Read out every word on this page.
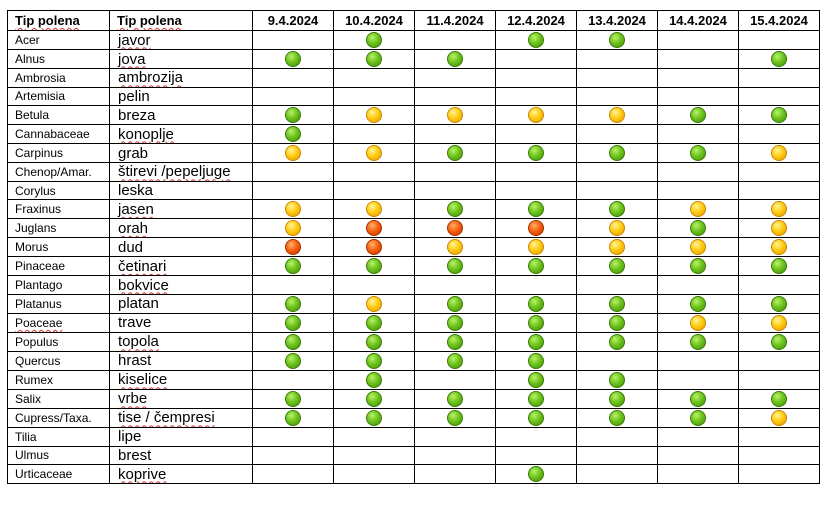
Tip polena	Tip polena	9.4.2024	10.4.2024	11.4.2024	12.4.2024	13.4.2024	14.4.2024	15.4.2024
Acer	javor							
Alnus	jova							
Ambrosia	ambrozija							
Artemisia	pelin							
Betula	breza							
Cannabaceae	konoplje							
Carpinus	grab							
Chenop/Amar.	štirevi /pepeljuge							
Corylus	leska							
Fraxinus	jasen							
Juglans	orah							
Morus	dud							
Pinaceae	četinari							
Plantago	bokvice							
Platanus	platan							
Poaceae	trave							
Populus	topola							
Quercus	hrast							
Rumex	kiselice							
Salix	vrbe							
Cupress/Taxa.	tise / čempresi							
Tilia	lipe							
Ulmus	brest							
Urticaceae	koprive							
